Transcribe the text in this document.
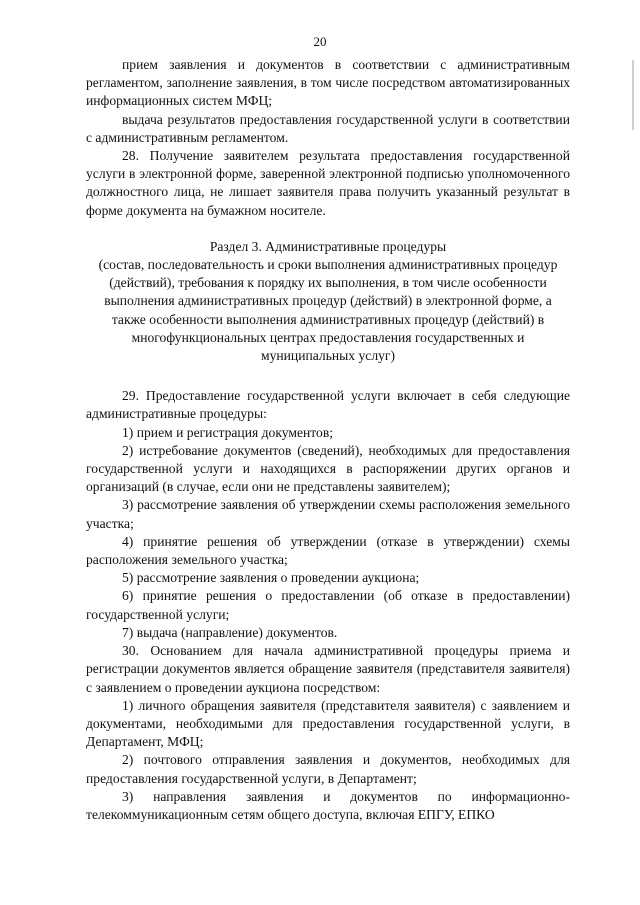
20

прием заявления и документов в соответствии с административным регламентом, заполнение заявления, в том числе посредством автоматизированных информационных систем МФЦ;

выдача результатов предоставления государственной услуги в соответствии с административным регламентом.

28. Получение заявителем результата предоставления государственной услуги в электронной форме, заверенной электронной подписью уполномоченного должностного лица, не лишает заявителя права получить указанный результат в форме документа на бумажном носителе.

Раздел 3. Административные процедуры
(состав, последовательность и сроки выполнения административных процедур (действий), требования к порядку их выполнения, в том числе особенности выполнения административных процедур (действий) в электронной форме, а также особенности выполнения административных процедур (действий) в многофункциональных центрах предоставления государственных и муниципальных услуг)

29. Предоставление государственной услуги включает в себя следующие административные процедуры:

1) прием и регистрация документов;

2) истребование документов (сведений), необходимых для предоставления государственной услуги и находящихся в распоряжении других органов и организаций (в случае, если они не представлены заявителем);

3) рассмотрение заявления об утверждении схемы расположения земельного участка;

4) принятие решения об утверждении (отказе в утверждении) схемы расположения земельного участка;

5) рассмотрение заявления о проведении аукциона;

6) принятие решения о предоставлении (об отказе в предоставлении) государственной услуги;

7) выдача (направление) документов.

30. Основанием для начала административной процедуры приема и регистрации документов является обращение заявителя (представителя заявителя) с заявлением о проведении аукциона посредством:

1) личного обращения заявителя (представителя заявителя) с заявлением и документами, необходимыми для предоставления государственной услуги, в Департамент, МФЦ;

2) почтового отправления заявления и документов, необходимых для предоставления государственной услуги, в Департамент;

3) направления заявления и документов по информационно-телекоммуникационным сетям общего доступа, включая ЕПГУ, ЕПКО
